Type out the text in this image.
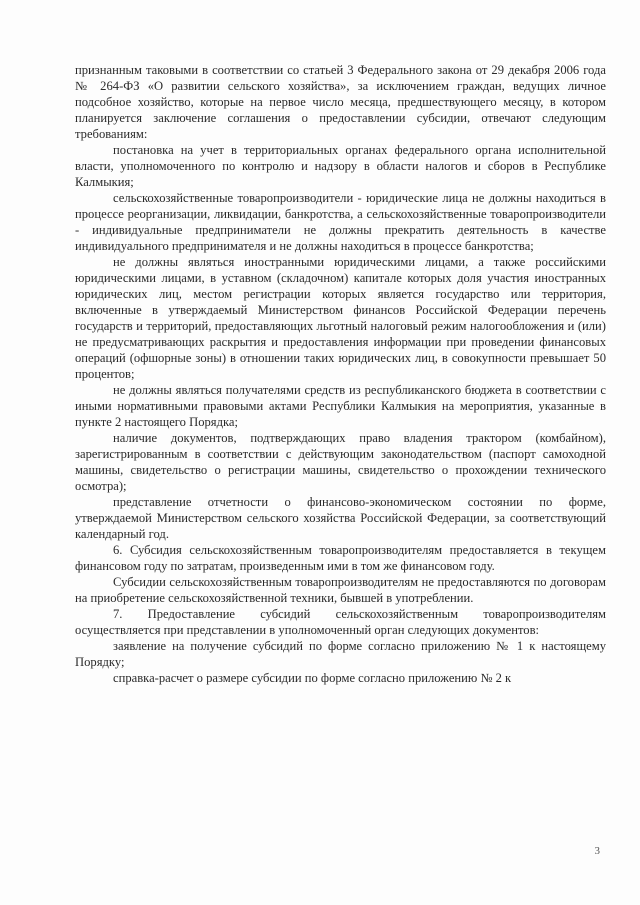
признанным таковыми в соответствии со статьей 3 Федерального закона от 29 декабря 2006 года № 264-ФЗ «О развитии сельского хозяйства», за исключением граждан, ведущих личное подсобное хозяйство, которые на первое число месяца, предшествующего месяцу, в котором планируется заключение соглашения о предоставлении субсидии, отвечают следующим требованиям:

постановка на учет в территориальных органах федерального органа исполнительной власти, уполномоченного по контролю и надзору в области налогов и сборов в Республике Калмыкия;

сельскохозяйственные товаропроизводители - юридические лица не должны находиться в процессе реорганизации, ликвидации, банкротства, а сельскохозяйственные товаропроизводители - индивидуальные предприниматели не должны прекратить деятельность в качестве индивидуального предпринимателя и не должны находиться в процессе банкротства;

не должны являться иностранными юридическими лицами, а также российскими юридическими лицами, в уставном (складочном) капитале которых доля участия иностранных юридических лиц, местом регистрации которых является государство или территория, включенные в утверждаемый Министерством финансов Российской Федерации перечень государств и территорий, предоставляющих льготный налоговый режим налогообложения и (или) не предусматривающих раскрытия и предоставления информации при проведении финансовых операций (офшорные зоны) в отношении таких юридических лиц, в совокупности превышает 50 процентов;

не должны являться получателями средств из республиканского бюджета в соответствии с иными нормативными правовыми актами Республики Калмыкия на мероприятия, указанные в пункте 2 настоящего Порядка;

наличие документов, подтверждающих право владения трактором (комбайном), зарегистрированным в соответствии с действующим законодательством (паспорт самоходной машины, свидетельство о регистрации машины, свидетельство о прохождении технического осмотра);

представление отчетности о финансово-экономическом состоянии по форме, утверждаемой Министерством сельского хозяйства Российской Федерации, за соответствующий календарный год.

6. Субсидия сельскохозяйственным товаропроизводителям предоставляется в текущем финансовом году по затратам, произведенным ими в том же финансовом году.

Субсидии сельскохозяйственным товаропроизводителям не предоставляются по договорам на приобретение сельскохозяйственной техники, бывшей в употреблении.

7. Предоставление субсидий сельскохозяйственным товаропроизводителям осуществляется при представлении в уполномоченный орган следующих документов:

заявление на получение субсидий по форме согласно приложению № 1 к настоящему Порядку;

справка-расчет о размере субсидии по форме согласно приложению № 2 к

3
